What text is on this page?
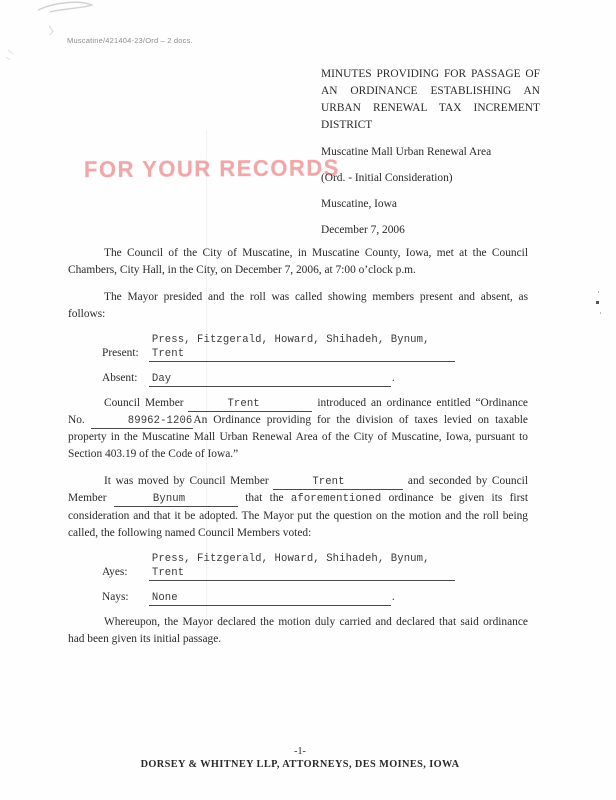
Muscatine/421404-23/Ord – 2 docs.
FOR YOUR RECORDS

MINUTES PROVIDING FOR PASSAGE OF AN ORDINANCE ESTABLISHING AN URBAN RENEWAL TAX INCREMENT DISTRICT

Muscatine Mall Urban Renewal Area

(Ord. - Initial Consideration)

Muscatine, Iowa

December 7, 2006

The Council of the City of Muscatine, in Muscatine County, Iowa, met at the Council Chambers, City Hall, in the City, on December 7, 2006, at 7:00 o’clock p.m.

The Mayor presided and the roll was called showing members present and absent, as follows:

Present: Press, Fitzgerald, Howard, Shihadeh, Bynum, Trent
Absent: Day	.

Council Member	Trent	introduced an ordinance entitled “Ordinance No.	89962-1206An Ordinance providing for the division of taxes levied on taxable property in the Muscatine Mall Urban Renewal Area of the City of Muscatine, Iowa, pursuant to Section 403.19 of the Code of Iowa.”

It was moved by Council Member	Trent	and seconded by Council Member	Bynum	that the aforementioned ordinance be given its first consideration and that it be adopted. The Mayor put the question on the motion and the roll being called, the following named Council Members voted:

Ayes: Press, Fitzgerald, Howard, Shihadeh, Bynum, Trent
Nays: None	.

Whereupon, the Mayor declared the motion duly carried and declared that said ordinance had been given its initial passage.

-1-
DORSEY & WHITNEY LLP, ATTORNEYS, DES MOINES, IOWA
